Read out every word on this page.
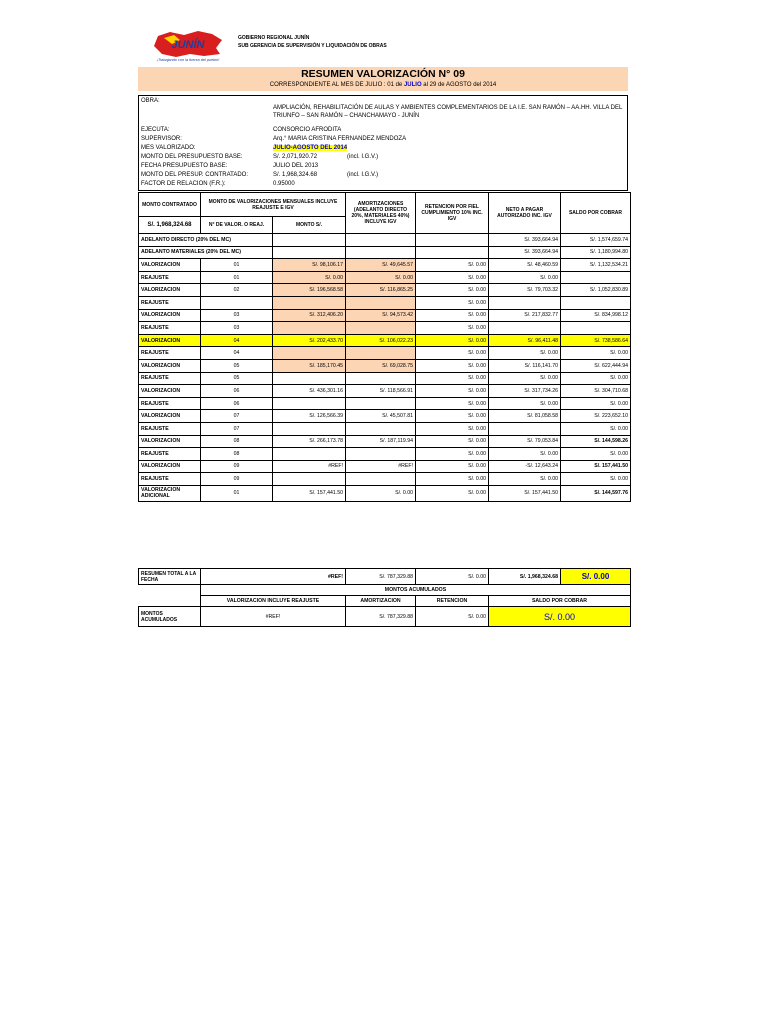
JUNÍN
¡Trabajando con la fuerza del pueblo!
GOBIERNO REGIONAL JUNÍN
SUB GERENCIA DE SUPERVISIÓN Y LIQUIDACIÓN DE OBRAS
RESUMEN VALORIZACIÓN N° 09
CORRESPONDIENTE AL MES DE JULIO : 01 de JULIO al 29 de AGOSTO del 2014
OBRA:
AMPLIACIÓN, REHABILITACIÓN DE AULAS Y AMBIENTES COMPLEMENTARIOS DE LA I.E. SAN RAMÓN – AA.HH. VILLA DEL TRIUNFO – SAN RAMÓN – CHANCHAMAYO - JUNÍN
EJECUTA:	CONSORCIO AFRODITA
SUPERVISOR:	Arq.° MARIA CRISTINA FERNANDEZ MENDOZA
MES VALORIZADO:	JULIO-AGOSTO DEL 2014
MONTO DEL PRESUPUESTO BASE:	S/. 2,071,920.72	(incl. I.G.V.)
FECHA PRESUPUESTO BASE:	JULIO DEL 2013
MONTO DEL PRESUP. CONTRATADO:	S/. 1,968,324.68	(incl. I.G.V.)
FACTOR DE RELACION (F.R.):	0.95000
MONTO CONTRATADO	MONTO DE VALORIZACIONES MENSUALES INCLUYE REAJUSTE E IGV		AMORTIZACIONES (ADELANTO DIRECTO 20%, MATERIALES 40%) INCLUYE IGV	RETENCION POR FIEL CUMPLIMIENTO 10% INC. IGV	NETO A PAGAR AUTORIZADO INC. IGV	SALDO POR COBRAR
S/. 1,968,324.68	N° DE VALOR. O REAJ.	MONTO S/.				
ADELANTO DIRECTO (20% DEL MC)					S/. 393,664.94	S/. 1,574,659.74
ADELANTO MATERIALES (20% DEL MC)					S/. 393,664.94	S/. 1,180,994.80
VALORIZACION	01	S/. 98,106.17	S/. 49,645.57	S/. 0.00	S/. 48,460.59	S/. 1,132,534.21
REAJUSTE	01	S/. 0.00	S/. 0.00	S/. 0.00	S/. 0.00	
VALORIZACION	02	S/. 196,568.58	S/. 116,865.25	S/. 0.00	S/. 79,703.32	S/. 1,052,830.89
REAJUSTE				S/. 0.00		
VALORIZACION	03	S/. 312,406.20	S/. 94,573.42	S/. 0.00	S/. 217,832.77	S/. 834,998.12
REAJUSTE	03			S/. 0.00		
VALORIZACION	04	S/. 202,433.70	S/. 106,022.23	S/. 0.00	S/. 96,411.48	S/. 738,586.64
REAJUSTE	04			S/. 0.00	S/. 0.00	S/. 0.00
VALORIZACION	05	S/. 185,170.45	S/. 69,028.75	S/. 0.00	S/. 116,141.70	S/. 622,444.94
REAJUSTE	05			S/. 0.00	S/. 0.00	S/. 0.00
VALORIZACION	06	S/. 436,301.16	S/. 118,566.91	S/. 0.00	S/. 317,734.26	S/. 304,710.68
REAJUSTE	06			S/. 0.00	S/. 0.00	S/. 0.00
VALORIZACION	07	S/. 126,566.39	S/. 45,507.81	S/. 0.00	S/. 81,058.58	S/. 223,652.10
REAJUSTE	07			S/. 0.00		S/. 0.00
VALORIZACION	08	S/. 266,173.78	S/. 187,119.94	S/. 0.00	S/. 79,053.84	S/. 144,598.26
REAJUSTE	08			S/. 0.00	S/. 0.00	S/. 0.00
VALORIZACION	09	#REF!	#REF!	S/. 0.00	-S/. 12,643.24	S/. 157,441.50
REAJUSTE	09			S/. 0.00	S/. 0.00	S/. 0.00
VALORIZACION ADICIONAL	01	S/. 157,441.50	S/. 0.00	S/. 0.00	S/. 157,441.50	S/. 144,597.76
RESUMEN TOTAL A LA FECHA	#REF!	S/. 787,329.88	S/. 0.00	S/. 1,968,324.68	S/. 0.00
	MONTOS ACUMULADOS				
	VALORIZACION INCLUYE REAJUSTE	AMORTIZACION	RETENCION	SALDO POR COBRAR	
MONTOS ACUMULADOS	#REF!	S/. 787,329.88	S/. 0.00	S/. 0.00	
